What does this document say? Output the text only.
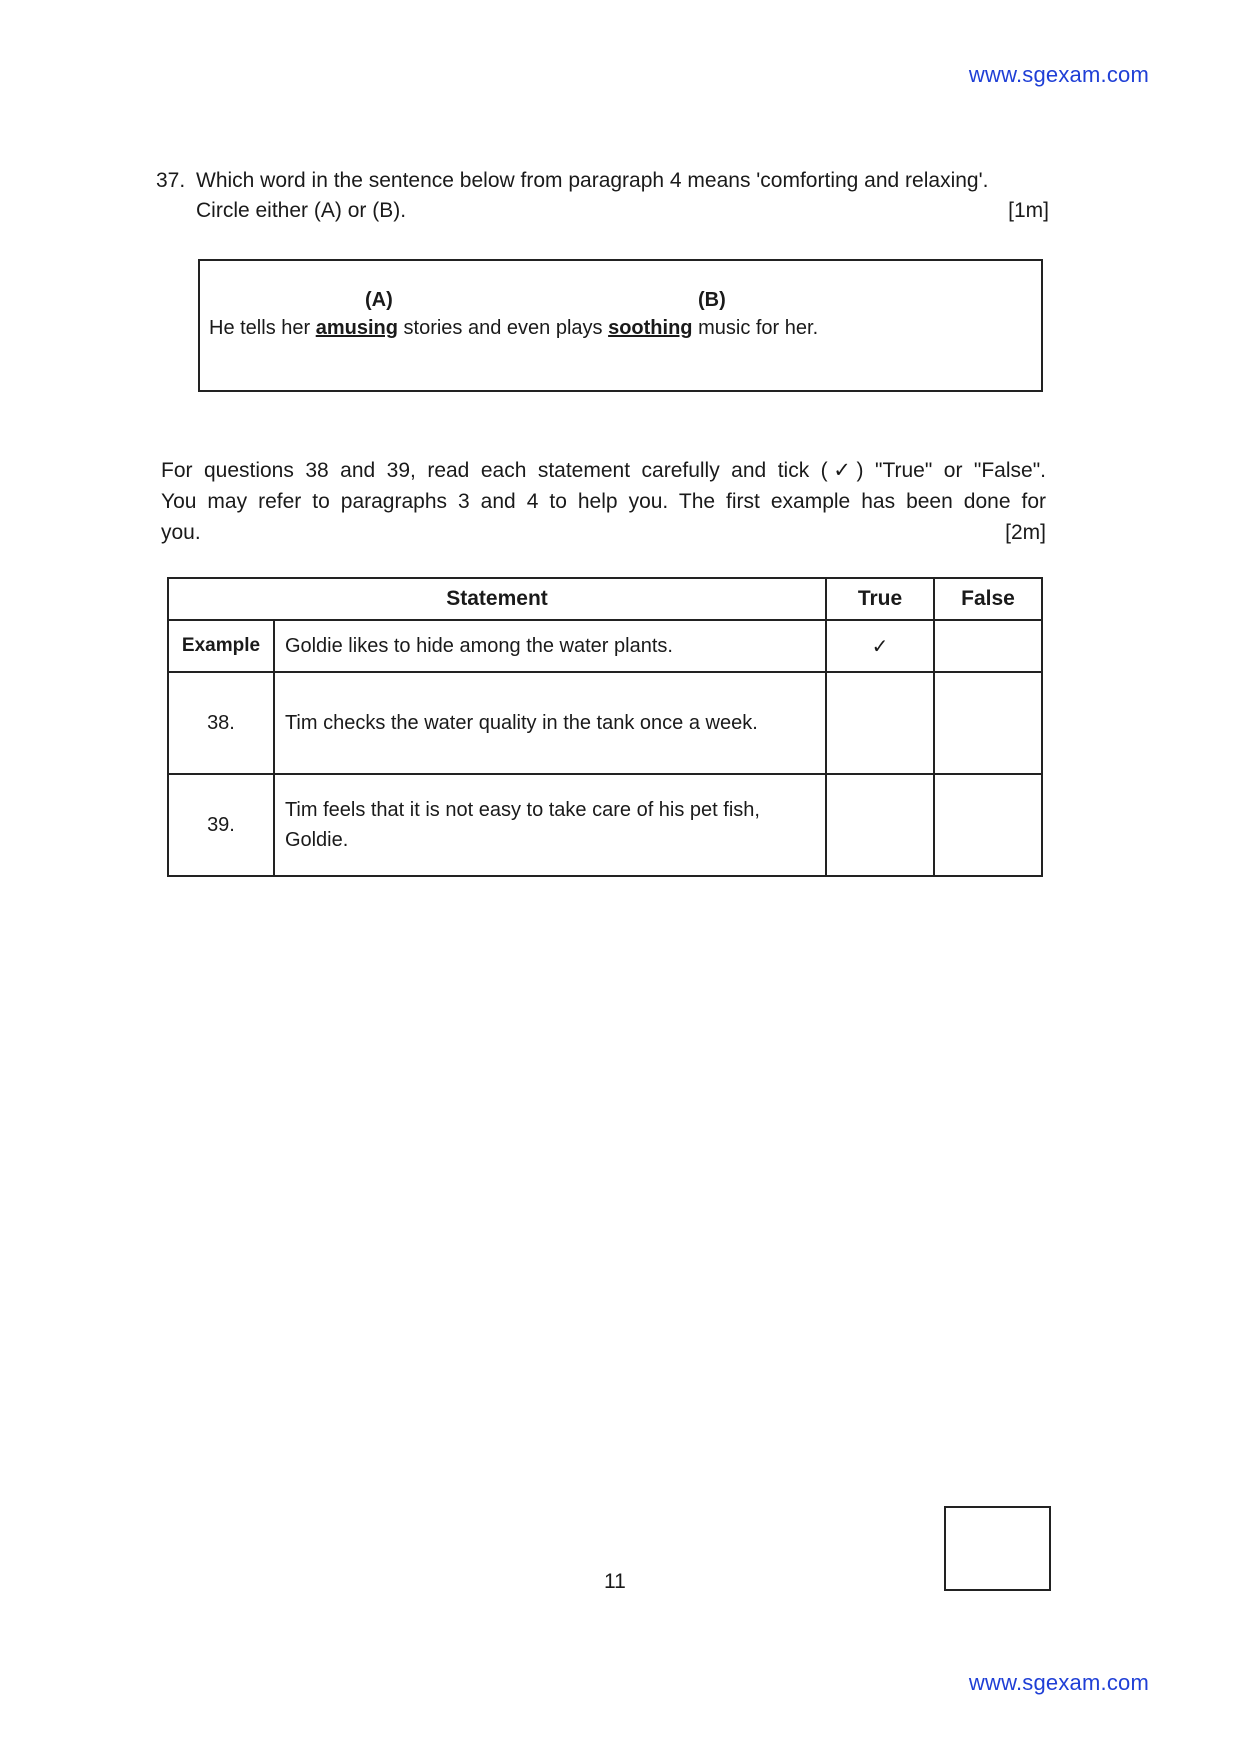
www.sgexam.com
37. Which word in the sentence below from paragraph 4 means 'comforting and relaxing'.
Circle either (A) or (B).	[1m]
(A)	(B)
He tells her amusing stories and even plays soothing music for her.
For questions 38 and 39, read each statement carefully and tick (✓) "True" or "False".
You may refer to paragraphs 3 and 4 to help you. The first example has been done for
you.	[2m]
Statement		True	False
Example	Goldie likes to hide among the water plants.	✓	
38.	Tim checks the water quality in the tank once a week.		
39.	Tim feels that it is not easy to take care of his pet fish, Goldie.		
11
www.sgexam.com
